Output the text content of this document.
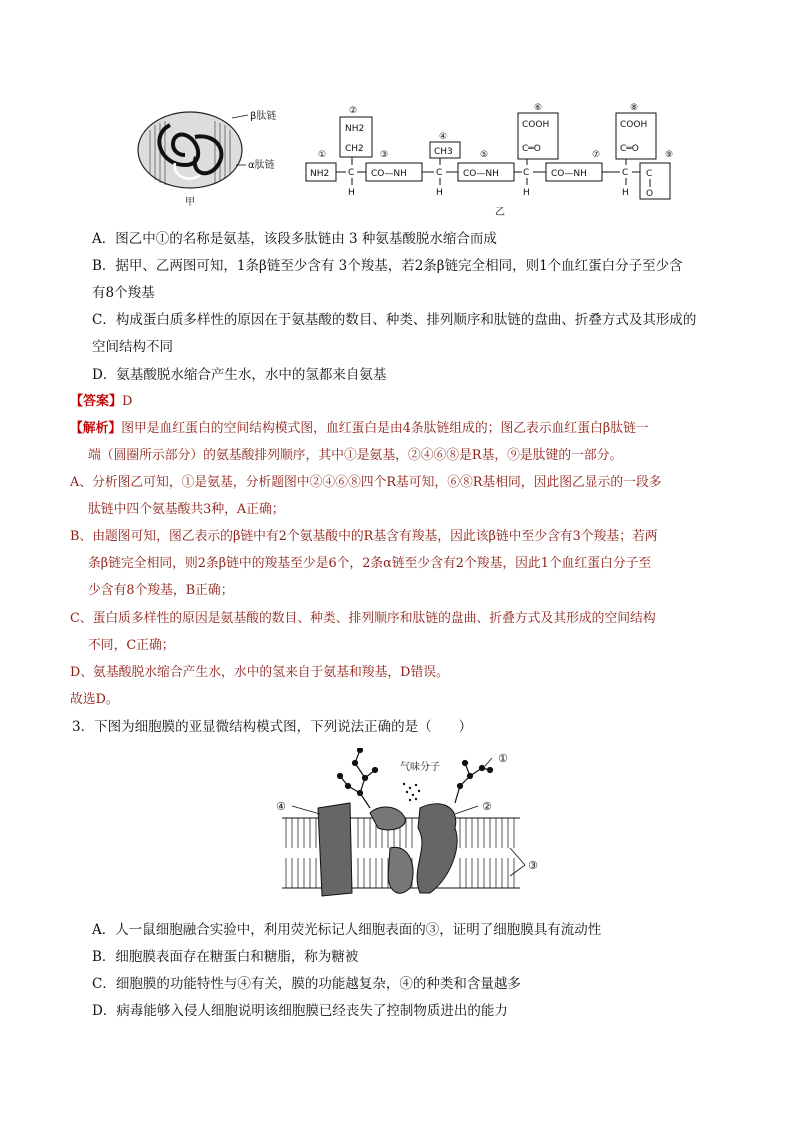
β肽链
α肽链
甲
①
②
③
④
⑤
⑥
⑦
⑧
⑨
NH2
NH2
CH2
C
H
CO—NH
CH3
C
H
CO—NH
COOH
C═O
C
H
CO—NH
COOH
C═O
C
H
C
O
乙
A．图乙中①的名称是氨基，该段多肽链由 3 种氨基酸脱水缩合而成
B．据甲、乙两图可知，1条β链至少含有 3个羧基，若2条β链完全相同，则1个血红蛋白分子至少含
有8个羧基
C．构成蛋白质多样性的原因在于氨基酸的数目、种类、排列顺序和肽链的盘曲、折叠方式及其形成的
空间结构不同
D．氨基酸脱水缩合产生水，水中的氢都来自氨基
【答案】D
【解析】图甲是血红蛋白的空间结构模式图，血红蛋白是由4条肽链组成的；图乙表示血红蛋白β肽链一
端（圆圈所示部分）的氨基酸排列顺序，其中①是氨基，②④⑥⑧是R基，⑨是肽键的一部分。
A、分析图乙可知，①是氨基，分析题图中②④⑥⑧四个R基可知，⑥⑧R基相同，因此图乙显示的一段多
肽链中四个氨基酸共3种，A正确；
B、由题图可知，图乙表示的β链中有2个氨基酸中的R基含有羧基，因此该β链中至少含有3个羧基；若两
条β链完全相同，则2条β链中的羧基至少是6个，2条α链至少含有2个羧基，因此1个血红蛋白分子至
少含有8个羧基，B正确；
C、蛋白质多样性的原因是氨基酸的数目、种类、排列顺序和肽链的盘曲、折叠方式及其形成的空间结构
不同，C正确；
D、氨基酸脱水缩合产生水，水中的氢来自于氨基和羧基，D错误。
故选D。
3．下图为细胞膜的亚显微结构模式图，下列说法正确的是（　　）
气味分子
①
②
③
④
A．人一鼠细胞融合实验中，利用荧光标记人细胞表面的③，证明了细胞膜具有流动性
B．细胞膜表面存在糖蛋白和糖脂，称为糖被
C．细胞膜的功能特性与④有关，膜的功能越复杂，④的种类和含量越多
D．病毒能够入侵人细胞说明该细胞膜已经丧失了控制物质进出的能力
